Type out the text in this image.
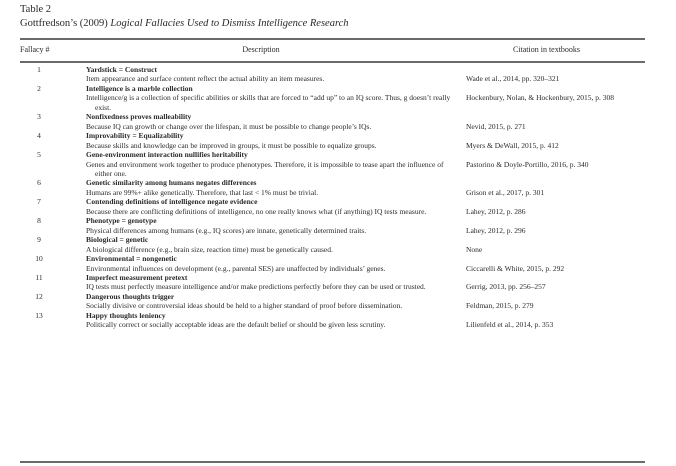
Table 2
Gottfredson’s (2009) Logical Fallacies Used to Dismiss Intelligence Research
Fallacy #	Description	Citation in textbooks
1	Yardstick = Construct
Item appearance and surface content reflect the actual ability an item measures.	Wade et al., 2014, pp. 320–321
2	Intelligence is a marble collection
Intelligence/g is a collection of specific abilities or skills that are forced to “add up” to an IQ score. Thus, g doesn’t really exist.
Hockenbury, Nolan, & Hockenbury, 2015, p. 308
3	Nonfixedness proves malleability
Because IQ can growth or change over the lifespan, it must be possible to change people’s IQs.	Nevid, 2015, p. 271
4	Improvability = Equalizability
Because skills and knowledge can be improved in groups, it must be possible to equalize groups.	Myers & DeWall, 2015, p. 412
5	Gene-environment interaction nullifies heritability
Genes and environment work together to produce phenotypes. Therefore, it is impossible to tease apart the influence of either one.
Pastorino & Doyle-Portillo, 2016, p. 340
6	Genetic similarity among humans negates differences
Humans are 99%+ alike genetically. Therefore, that last < 1% must be trivial.	Grison et al., 2017, p. 301
7	Contending definitions of intelligence negate evidence
Because there are conflicting definitions of intelligence, no one really knows what (if anything) IQ tests measure.	Lahey, 2012, p. 286
8	Phenotype = genotype
Physical differences among humans (e.g., IQ scores) are innate, genetically determined traits.	Lahey, 2012, p. 296
9	Biological = genetic
A biological difference (e.g., brain size, reaction time) must be genetically caused.	None
10	Environmental = nongenetic
Environmental influences on development (e.g., parental SES) are unaffected by individuals’ genes.	Ciccarelli & White, 2015, p. 292
11	Imperfect measurement pretext
IQ tests must perfectly measure intelligence and/or make predictions perfectly before they can be used or trusted.	Gerrig, 2013, pp. 256–257
12	Dangerous thoughts trigger
Socially divisive or controversial ideas should be held to a higher standard of proof before dissemination.	Feldman, 2015, p. 279
13	Happy thoughts leniency
Politically correct or socially acceptable ideas are the default belief or should be given less scrutiny.	Lilienfeld et al., 2014, p. 353
